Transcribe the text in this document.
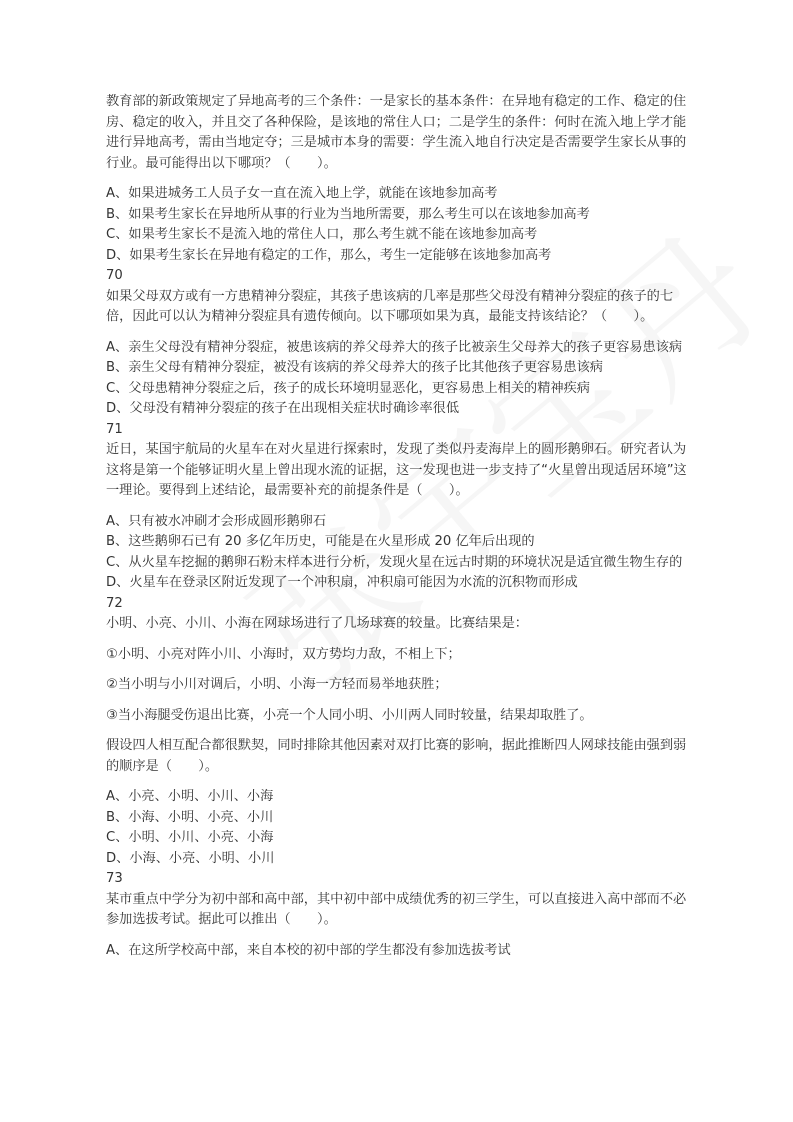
教育部的新政策规定了异地高考的三个条件：一是家长的基本条件：在异地有稳定的工作、稳定的住房、稳定的收入，并且交了各种保险，是该地的常住人口；二是学生的条件：何时在流入地上学才能进行异地高考，需由当地定夺；三是城市本身的需要：学生流入地自行决定是否需要学生家长从事的行业。最可能得出以下哪项？（　　）。

A、如果进城务工人员子女一直在流入地上学，就能在该地参加高考

B、如果考生家长在异地所从事的行业为当地所需要，那么考生可以在该地参加高考

C、如果考生家长不是流入地的常住人口，那么考生就不能在该地参加高考

D、如果考生家长在异地有稳定的工作，那么，考生一定能够在该地参加高考

70

如果父母双方或有一方患精神分裂症，其孩子患该病的几率是那些父母没有精神分裂症的孩子的七倍，因此可以认为精神分裂症具有遗传倾向。以下哪项如果为真，最能支持该结论？（　　）。

A、亲生父母没有精神分裂症，被患该病的养父母养大的孩子比被亲生父母养大的孩子更容易患该病

B、亲生父母有精神分裂症，被没有该病的养父母养大的孩子比其他孩子更容易患该病

C、父母患精神分裂症之后，孩子的成长环境明显恶化，更容易患上相关的精神疾病

D、父母没有精神分裂症的孩子在出现相关症状时确诊率很低

71

近日，某国宇航局的火星车在对火星进行探索时，发现了类似丹麦海岸上的圆形鹅卵石。研究者认为这将是第一个能够证明火星上曾出现水流的证据，这一发现也进一步支持了“火星曾出现适居环境”这一理论。要得到上述结论，最需要补充的前提条件是（　　）。

A、只有被水冲刷才会形成圆形鹅卵石

B、这些鹅卵石已有 20 多亿年历史，可能是在火星形成 20 亿年后出现的

C、从火星车挖掘的鹅卵石粉末样本进行分析，发现火星在远古时期的环境状况是适宜微生物生存的

D、火星车在登录区附近发现了一个冲积扇，冲积扇可能因为水流的沉积物而形成

72

小明、小亮、小川、小海在网球场进行了几场球赛的较量。比赛结果是：

①小明、小亮对阵小川、小海时，双方势均力敌，不相上下；

②当小明与小川对调后，小明、小海一方轻而易举地获胜；

③当小海腿受伤退出比赛，小亮一个人同小明、小川两人同时较量，结果却取胜了。

假设四人相互配合都很默契，同时排除其他因素对双打比赛的影响，据此推断四人网球技能由强到弱的顺序是（　　）。

A、小亮、小明、小川、小海

B、小海、小明、小亮、小川

C、小明、小川、小亮、小海

D、小海、小亮、小明、小川

73

某市重点中学分为初中部和高中部，其中初中部中成绩优秀的初三学生，可以直接进入高中部而不必参加选拔考试。据此可以推出（　　）。

A、在这所学校高中部，来自本校的初中部的学生都没有参加选拔考试
